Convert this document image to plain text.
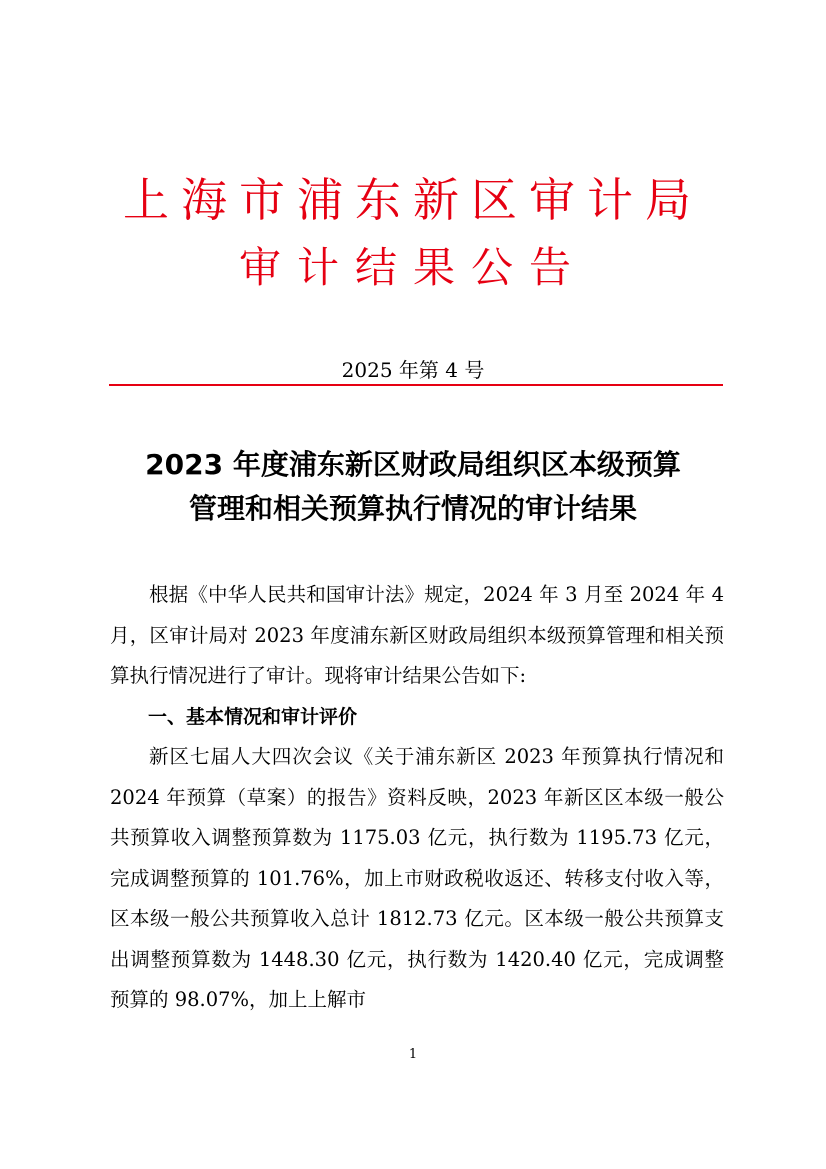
上海市浦东新区审计局
审计结果公告
2025 年第 4 号
2023 年度浦东新区财政局组织区本级预算
管理和相关预算执行情况的审计结果

根据《中华人民共和国审计法》规定，2024 年 3 月至 2024 年 4 月，区审计局对 2023 年度浦东新区财政局组织本级预算管理和相关预算执行情况进行了审计。现将审计结果公告如下:

一、基本情况和审计评价

新区七届人大四次会议《关于浦东新区 2023 年预算执行情况和 2024 年预算（草案）的报告》资料反映，2023 年新区区本级一般公共预算收入调整预算数为 1175.03 亿元，执行数为 1195.73 亿元，完成调整预算的 101.76%，加上市财政税收返还、转移支付收入等，区本级一般公共预算收入总计 1812.73 亿元。区本级一般公共预算支出调整预算数为 1448.30 亿元，执行数为 1420.40 亿元，完成调整预算的 98.07%，加上上解市

1
